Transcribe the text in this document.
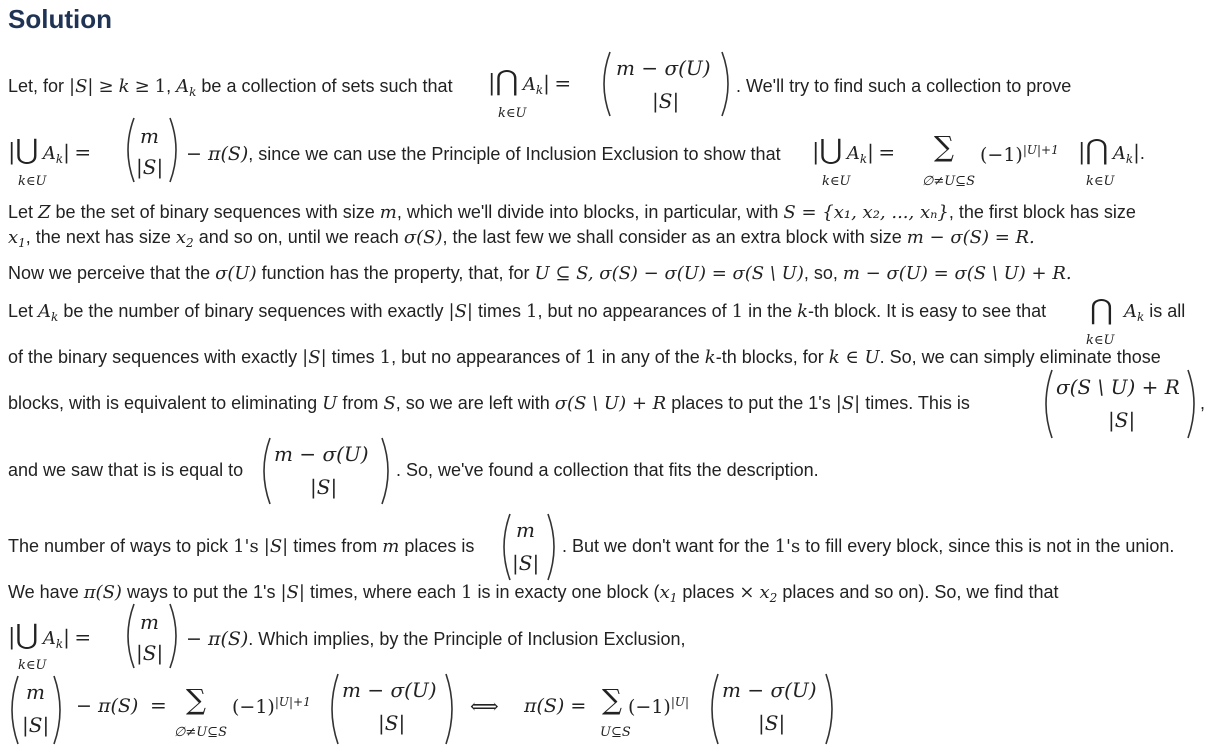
Solution
Let, for |S| ≥ k ≥ 1, $A_k$ be a collection of sets such that |⋂ $A_k|$ =
k∈U
m − σ(U)
|S|
. We'll try to find such a collection to prove
|⋃ $A_k|$ =
k∈U
m
|S|
− π(S), since we can use the Principle of Inclusion Exclusion to show that |⋃ $A_k|$ =
k∈U
∑
∅≠U⊆S
$(-1)^{|U|+1}$ |⋂ $A_k|$.
k∈U
Let Z be the set of binary sequences with size m, which we'll divide into blocks, in particular, with S = {x₁, x₂, ..., xₙ}, the first block has size
$x_1$, the next has size $x_2$ and so on, until we reach σ(S), the last few we shall consider as an extra block with size m − σ(S) = R.
Now we perceive that the σ(U) function has the property, that, for U ⊆ S, σ(S) − σ(U) = σ(S \ U), so, m − σ(U) = σ(S \ U) + R.
Let $A_k$ be the number of binary sequences with exactly |S| times 1, but no appearances of 1 in the k-th block. It is easy to see that ⋂ $A_k$ is all
k∈U
of the binary sequences with exactly |S| times 1, but no appearances of 1 in any of the k-th blocks, for k ∈ U. So, we can simply eliminate those
blocks, with is equivalent to eliminating U from S, so we are left with σ(S \ U) + R places to put the 1's |S| times. This is
σ(S \ U) + R
|S|
,
and we saw that is is equal to
m − σ(U)
|S|
. So, we've found a collection that fits the description.
The number of ways to pick 1's |S| times from m places is
m
|S|
. But we don't want for the 1's to fill every block, since this is not in the union.
We have π(S) ways to put the 1's |S| times, where each 1 is in exacty one block ($x_1$ places × $x_2$ places and so on). So, we find that
|⋃ $A_k|$ =
k∈U
m
|S|
− π(S). Which implies, by the Principle of Inclusion Exclusion,
m
|S|
− π(S) = ∑
∅≠U⊆S
$(-1)^{|U|+1}$ m − σ(U)
|S|
⟺ π(S) = ∑
U⊆S
$(-1)^{|U|}$ m − σ(U)
|S|
